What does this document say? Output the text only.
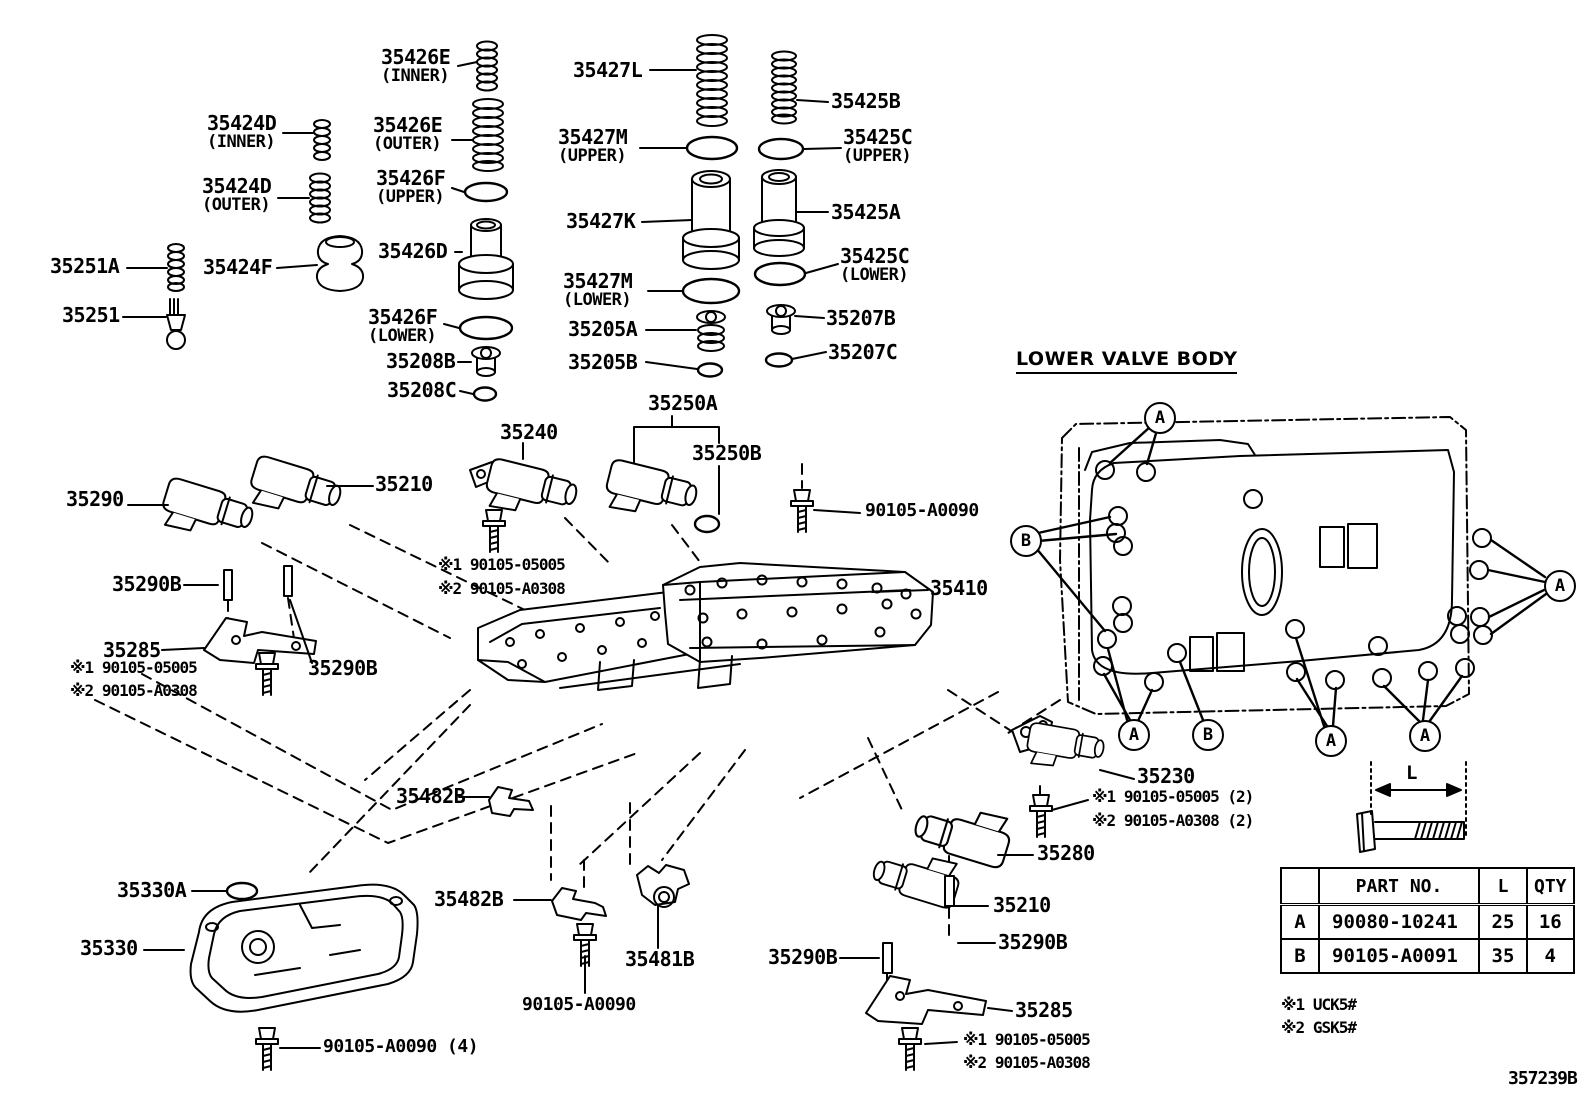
LOWER VALVE BODY
357239B
L
	PART NO.	L	QTY
A	90080-10241	25	16
B	90105-A0091	35	4
35426E
(INNER)
35424D
(INNER)
35426E
(OUTER)
35424D
(OUTER)
35426F
(UPPER)
35251A	35424F
35426D
35251	35426F
(LOWER)
35208B
35208C
35427L
35427M
(UPPER)
35427K
35427M
(LOWER)
35205A
35205B
35425B
35425C
(UPPER)
35425A
35425C
(LOWER)
35207B
35207C
35250A
35240
35250B
90105-A0090
35290
35210
35290B
35285
※1 90105-05005
※2 90105-A0308
35290B
※1 90105-05005
※2 90105-A0308	35410
35482B
35482B
35481B
90105-A0090
35330A
35330
90105-A0090 (4)
35230
※1 90105-05005 (2)
※2 90105-A0308 (2)
35280
35210
35290B
35290B
35285
※1 90105-05005
※2 90105-A0308
※1 UCK5#
※2 GSK5#
A
B
A
A	B	A	A
